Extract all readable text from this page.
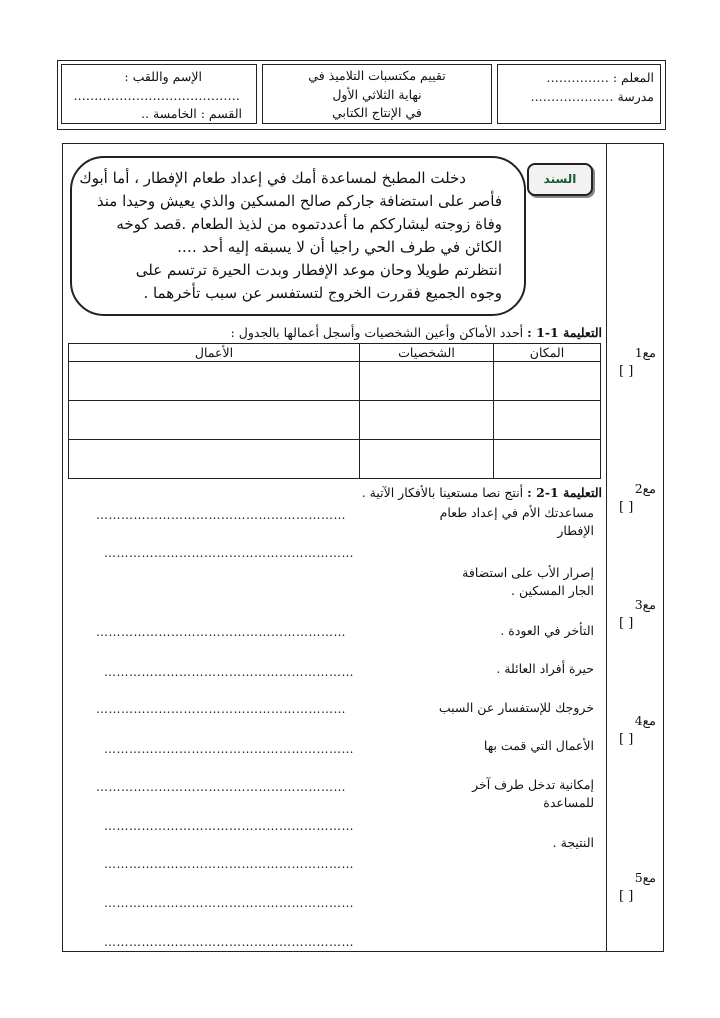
المعلم : ……………
مدرسة ………………..
تقييم مكتسبات التلاميذ في
نهاية الثلاثي الأول
في الإنتاج الكتابي
الإسم واللقب :
………………………………….
القسم : الخامسة ..
السند
دخلت المطبخ لمساعدة أمك في إعداد طعام الإفطار ، أما أبوك
فأصر على استضافة جاركم صالح المسكين والذي يعيش وحيدا منذ
وفاة زوجته ليشارككم ما أعددتموه من لذيذ الطعام .قصد كوخه
الكائن في طرف الحي راجيا أن لا يسبقه إليه أحد ….
انتظرتم طويلا وحان موعد الإفطار وبدت الحيرة ترتسم على
وجوه الجميع فقررت الخروج لتستفسر عن سبب تأخرهما .
التعليمة 1-1 : أحدد الأماكن وأعين الشخصيات وأسجل أعمالها بالجدول :
الأعمال	الشخصيات	المكان

التعليمة 1-2 : أنتج نصا مستعينا بالأفكار الآتية .
مساعدتك الأم في إعداد طعام
……………………………………………………
الإفطار
……………………………………………………
إصرار الأب على استضافة
الجار المسكين .
التأخر في العودة .
……………………………………………………
حيرة أفراد العائلة .
……………………………………………………
خروجك للإستفسار عن السبب
……………………………………………………
الأعمال التي قمت بها
……………………………………………………
إمكانية تدخل طرف آخر
……………………………………………………
للمساعدة
……………………………………………………
النتيجة .
……………………………………………………
……………………………………………………
……………………………………………………
مع1
[ ]
مع2
[ ]
مع3
[ ]
مع4
[ ]
مع5
[ ]
